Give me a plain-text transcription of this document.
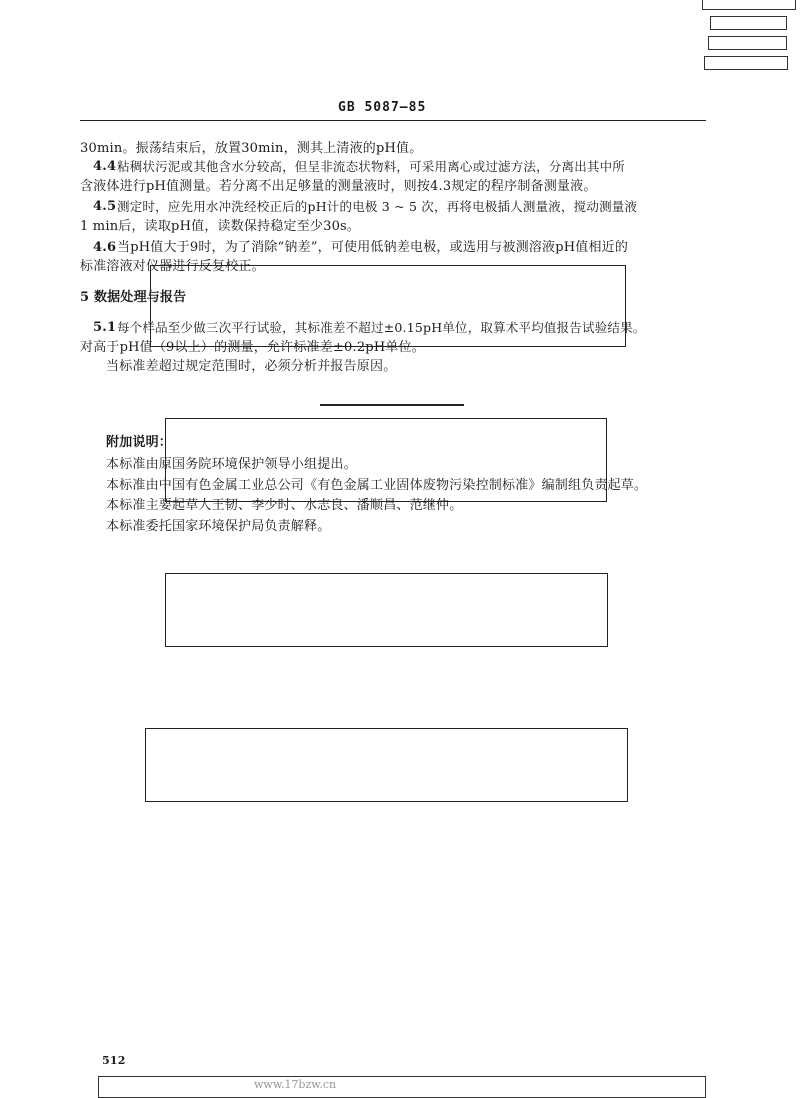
GB 5087—85
30min。振荡结束后，放置30min，测其上清液的pH值。
4.4 粘稠状污泥或其他含水分较高，但呈非流态状物料，可采用离心或过滤方法，分离出其中所
含液体进行pH值测量。若分离不出足够量的测量液时，则按4.3规定的程序制备测量液。
4.5 测定时，应先用水冲洗经校正后的pH计的电极 3 ~ 5 次，再将电极插人测量液，搅动测量液
1 min后，读取pH值，读数保持稳定至少30s。
4.6 当pH值大于9时，为了消除“钠差”，可使用低钠差电极，或选用与被测溶液pH值相近的
标准溶液对仪器进行反复校正。
5 数据处理与报告
5.1 每个样品至少做三次平行试验，其标准差不超过±0.15pH单位，取算术平均值报告试验结果。
对高于pH值（9以上）的测量，允许标准差±0.2pH单位。
当标准差超过规定范围时，必须分析并报告原因。
附加说明：
本标准由原国务院环境保护领导小组提出。
本标准由中国有色金属工业总公司《有色金属工业固体废物污染控制标准》编制组负责起草。
本标准主要起草人王韧、李少时、水志良、潘顺昌、范继仲。
本标准委托国家环境保护局负责解释。
512
www.17bzw.cn
